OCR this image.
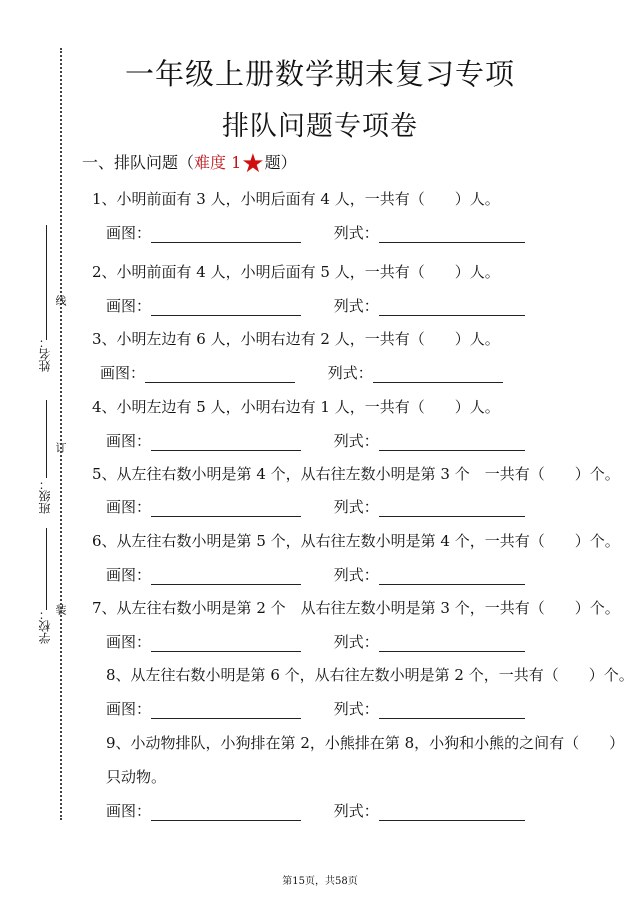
姓名：
班级：
学校：
线
订
装
一年级上册数学期末复习专项
排队问题专项卷
一、排队问题（难度 1★题）
1、小明前面有 3 人，小明后面有 4 人，一共有（　　）人。
画图：	列式：
2、小明前面有 4 人，小明后面有 5 人，一共有（　　）人。
画图：	列式：
3、小明左边有 6 人，小明右边有 2 人，一共有（　　）人。
画图：	列式：
4、小明左边有 5 人，小明右边有 1 人，一共有（　　）人。
画图：	列式：
5、从左往右数小明是第 4 个，从右往左数小明是第 3 个　一共有（　　）个。
画图：	列式：
6、从左往右数小明是第 5 个，从右往左数小明是第 4 个，一共有（　　）个。
画图：	列式：
7、从左往右数小明是第 2 个　从右往左数小明是第 3 个，一共有（　　）个。
画图：	列式：
8、从左往右数小明是第 6 个，从右往左数小明是第 2 个，一共有（　　）个。
画图：	列式：
9、小动物排队，小狗排在第 2，小熊排在第 8，小狗和小熊的之间有（　　）
只动物。
画图：	列式：
第15页，共58页
